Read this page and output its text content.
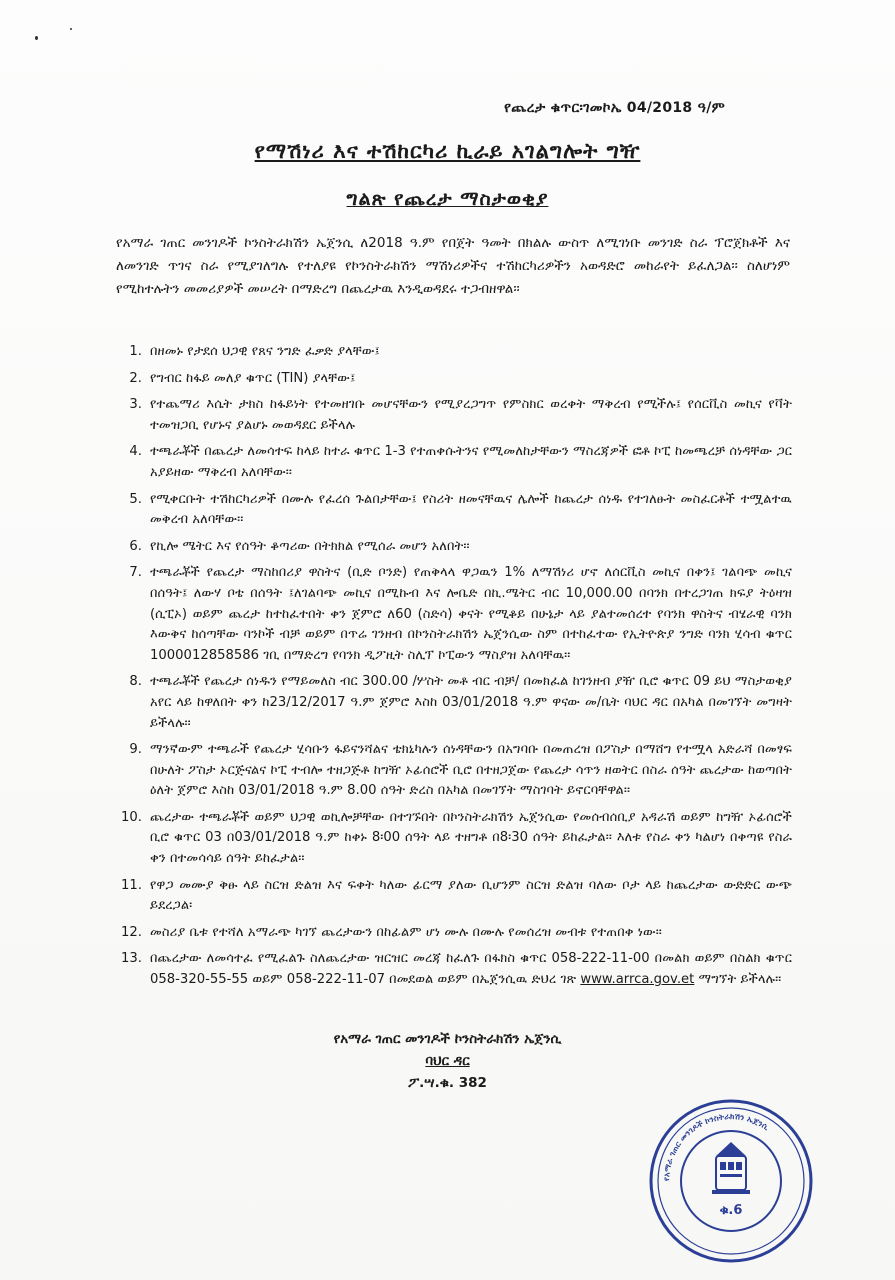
የጨረታ ቁጥር፡ገመኮኤ 04/2018 ዓ/ም
የማሽነሪ እና ተሽከርካሪ ኪራይ አገልግሎት ግዥ
ግልጽ የጨረታ ማስታወቂያ
የአማራ ገጠር መንገዶች ኮንስትራክሽን ኤጀንሲ ለ2018 ዓ.ም የበጀት ዓመት በክልሉ ውስጥ ለሚገነቡ መንገድ ስራ ፕሮጀክቶች እና ለመንገድ ጥገና ስራ የሚያገለግሉ የተለያዩ የኮንስትራክሽን ማሽነሪዎችና ተሽከርካሪዎችን አወዳድሮ መከራየት ይፈለጋል፡፡ ስለሆነም የሚከተሉትን መመሪያዎች መሠረት በማድረግ በጨረታዉ እንዲወዳደሩ ተጋብዘዋል፡፡
1. በዘመኑ የታደሰ ህጋዊ የጸና ንግድ ፈቃድ ያላቸው፤
2. የግብር ከፋይ መለያ ቁጥር (TIN) ያላቸው፤
3. የተጨማሪ እሴት ታክስ ከፋይነት የተመዘገቡ መሆናቸውን የሚያረጋግጥ የምስክር ወረቀት ማቅረብ የሚችሉ፤ የሰርቪስ መኪና የቫት ተመዝጋቢ የሆኑና ያልሆኑ መወዳደር ይችላሉ
4. ተጫራቾች በጨረታ ለመሳተፍ ከላይ ከተራ ቁጥር 1-3 የተጠቀሱትንና የሚመለከታቸውን ማስረጃዎች ፎቶ ኮፒ ከመጫረቻ ሰነዳቸው ጋር አያይዘው ማቅረብ አለባቸው፡፡
5. የሚቀርቡት ተሽከርካሪዎች በሙሉ የፈረሰ ጉልበታቸው፤ የስሪት ዘመናቸዉና ሌሎች ከጨረታ ሰነዱ የተገለፁት መስፈርቶች ተሟልተዉ መቅረብ አለባቸው፡፡
6. የኪሎ ሜትር እና የሰዓት ቆጣሪው በትክክል የሚሰራ መሆን አለበት፡፡
7. ተጫራቾች የጨረታ ማስከበሪያ ዋስትና (ቢድ ቦንድ) የጠቅላላ ዋጋዉን 1% ለማሽነሪ ሆኖ ለሰርቪስ መኪና በቀን፤ ገልባጭ መኪና በሰዓት፤ ለውሃ ቦቴ በሰዓት ፤ለገልባጭ መኪና በሚኩብ እና ሎቤድ በኪ.ሜትር ብር 10,000.00 በባንክ በተረጋገጠ ክፍያ ትዕዛዝ (ሲፒኦ) ወይም ጨረታ ከተከፈተበት ቀን ጀምሮ ለ60 (ስድሳ) ቀናት የሚቆይ በሁኔታ ላይ ያልተመሰረተ የባንክ ዋስትና ብሄራዊ ባንክ እውቅና ከሰጣቸው ባንኮች ብቻ ወይም በጥሬ ገንዘብ በኮንስትራክሽን ኤጀንሲው ስም በተከፈተው የኢትዮጵያ ንግድ ባንክ ሂሳብ ቁጥር 1000012858586 ገቢ በማድረግ የባንክ ዲፖዚት ስሊፕ ኮፒውን ማስያዝ አለባቸዉ፡፡
8. ተጫራቾች የጨረታ ሰነዱን የማይመለስ ብር 300.00 /ሦስት መቶ ብር ብቻ/ በመክፈል ከገንዘብ ያዥ ቢሮ ቁጥር 09 ይህ ማስታወቂያ አየር ላይ ከዋለበት ቀን ከ23/12/2017 ዓ.ም ጀምሮ እስከ 03/01/2018 ዓ.ም ዋናው መ/ቤት ባህር ዳር በአካል በመገኘት መግዛት ይችላሉ፡፡
9. ማንኛውም ተጫራች የጨረታ ሂሳቡን ፋይናንሻልና ቴክኒካሉን ሰነዳቸውን በአግባቡ በመጠረዝ በፖስታ በማሸግ የተሟላ አድራሻ በመፃፍ በሁለት ፖስታ ኦርጅናልና ኮፒ ተብሎ ተዘጋጅቶ ከግዥ ኦፊሰሮች ቢሮ በተዘጋጀው የጨረታ ሳጥን ዘወትር በስራ ሰዓት ጨረታው ከወጣበት ዕለት ጀምሮ እስከ 03/01/2018 ዓ.ም 8.00 ሰዓት ድረስ በአካል በመገኘት ማስገባት ይኖርባቸዋል፡፡
10. ጨረታው ተጫራቾች ወይም ህጋዊ ወኪሎቻቸው በተገኙበት በኮንስትራክሽን ኤጀንሲው የመሰብሰቢያ አዳራሽ ወይም ከግዥ ኦፊሰሮች ቢሮ ቁጥር 03 በ03/01/2018 ዓ.ም ከቀኑ 8፡00 ሰዓት ላይ ተዘግቶ በ8፡30 ሰዓት ይከፈታል፡፡ እለቱ የስራ ቀን ካልሆነ በቀጣዩ የስራ ቀን በተመሳሳይ ሰዓት ይከፈታል፡፡
11. የዋጋ መሙያ ቅፁ ላይ ስርዝ ድልዝ እና ፍቀት ካለው ፊርማ ያለው ቢሆንም ስርዝ ድልዝ ባለው ቦታ ላይ ከጨረታው ውድድር ውጭ ይደረጋል፡
12. መስሪያ ቤቱ የተሻለ አማራጭ ካገኘ ጨረታውን በከፊልም ሆነ ሙሉ በሙሉ የመሰረዝ መብቱ የተጠበቀ ነው፡፡
13. በጨረታው ለመሳተፈ የሚፈልጉ ስለጨረታው ዝርዝር መረጃ ከፈለጉ በፋክስ ቁጥር 058-222-11-00 በመልክ ወይም በስልክ ቁጥር 058-320-55-55 ወይም 058-222-11-07 በመደወል ወይም በኤጀንሲዉ ድህረ ገጽ www.arrca.gov.et ማግኘት ይችላሉ፡፡
የአማራ ገጠር መንገዶች ኮንስትራክሽን ኤጀንሲ
ባህር ዳር
ፖ.ሣ.ቁ. 382
የአማራ ገጠር መንገዶች ኮንስትራክሽን ኤጀንሲ
ቁ.6
